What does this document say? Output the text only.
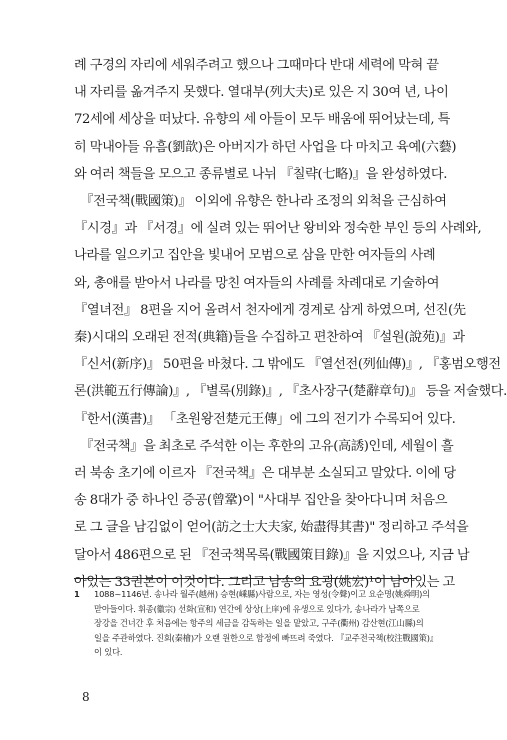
례 구경의 자리에 세워주려고 했으나 그때마다 반대 세력에 막혀 끝

내 자리를 옮겨주지 못했다. 열대부(列大夫)로 있은 지 30여 년, 나이

72세에 세상을 떠났다. 유향의 세 아들이 모두 배움에 뛰어났는데, 특

히 막내아들 유흠(劉歆)은 아버지가 하던 사업을 다 마치고 육예(六藝)

와 여러 책들을 모으고 종류별로 나뉘 『칠략(七略)』을 완성하였다.

　『전국책(戰國策)』 이외에 유향은 한나라 조정의 외척을 근심하여

『시경』과 『서경』에 실려 있는 뛰어난 왕비와 정숙한 부인 등의 사례와,

나라를 일으키고 집안을 빛내어 모범으로 삼을 만한 여자들의 사례

와, 총애를 받아서 나라를 망친 여자들의 사례를 차례대로 기술하여

『열녀전』 8편을 지어 올려서 천자에게 경계로 삼게 하였으며, 선진(先

秦)시대의 오래된 전적(典籍)들을 수집하고 편찬하여 『설원(說苑)』과

『신서(新序)』 50편을 바쳤다. 그 밖에도 『열선전(列仙傳)』, 『홍범오행전

론(洪範五行傳論)』, 『별록(別錄)』, 『초사장구(楚辭章句)』 등을 저술했다.

『한서(漢書)』 「초원왕전楚元王傳」에 그의 전기가 수록되어 있다.

　『전국책』을 최초로 주석한 이는 후한의 고유(高誘)인데, 세월이 흘

러 북송 초기에 이르자 『전국책』은 대부분 소실되고 말았다. 이에 당

송 8대가 중 하나인 증공(曾鞏)이 "사대부 집안을 찾아다니며 처음으

로 그 글을 남김없이 얻어(訪之士大夫家, 始盡得其書)" 정리하고 주석을

달아서 486편으로 된 『전국책목록(戰國策目錄)』을 지었으나, 지금 남

아있는 33권본이 이것이다. 그리고 남송의 요굉(姚宏)¹이 남아있는 고

1 1088~1146년. 송나라 월주(越州) 승현(嵊縣)사람으로, 자는 영성(令聲)이고 요순명(姚舜明)의
맏아들이다. 휘종(徽宗) 선화(宣和) 연간에 상상(上庠)에 유생으로 있다가, 송나라가 남쪽으로
장강을 건너간 후 처음에는 항주의 세금을 감독하는 일을 맡았고, 구주(衢州) 감산현(江山縣)의
일을 주관하였다. 진회(秦檜)가 오랜 원한으로 함정에 빠뜨려 죽였다. 『교주전국책(校注戰國策)』
이 있다.
8
